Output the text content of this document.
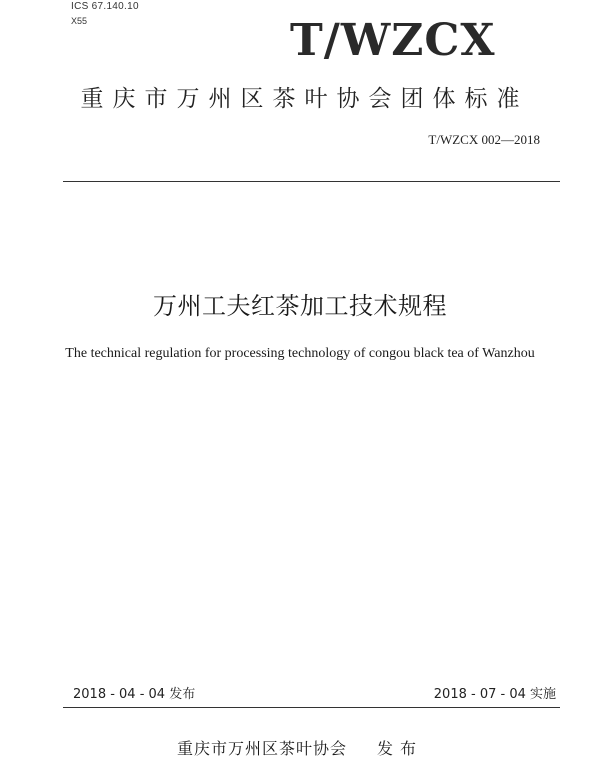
ICS 67.140.10
X55	T/WZCX
重庆市万州区茶叶协会团体标准
T/WZCX 002—2018
万州工夫红茶加工技术规程
The technical regulation for processing technology of congou black tea of Wanzhou
2018 - 04 - 04 发布	2018 - 07 - 04 实施
重庆市万州区茶叶协会 发布
